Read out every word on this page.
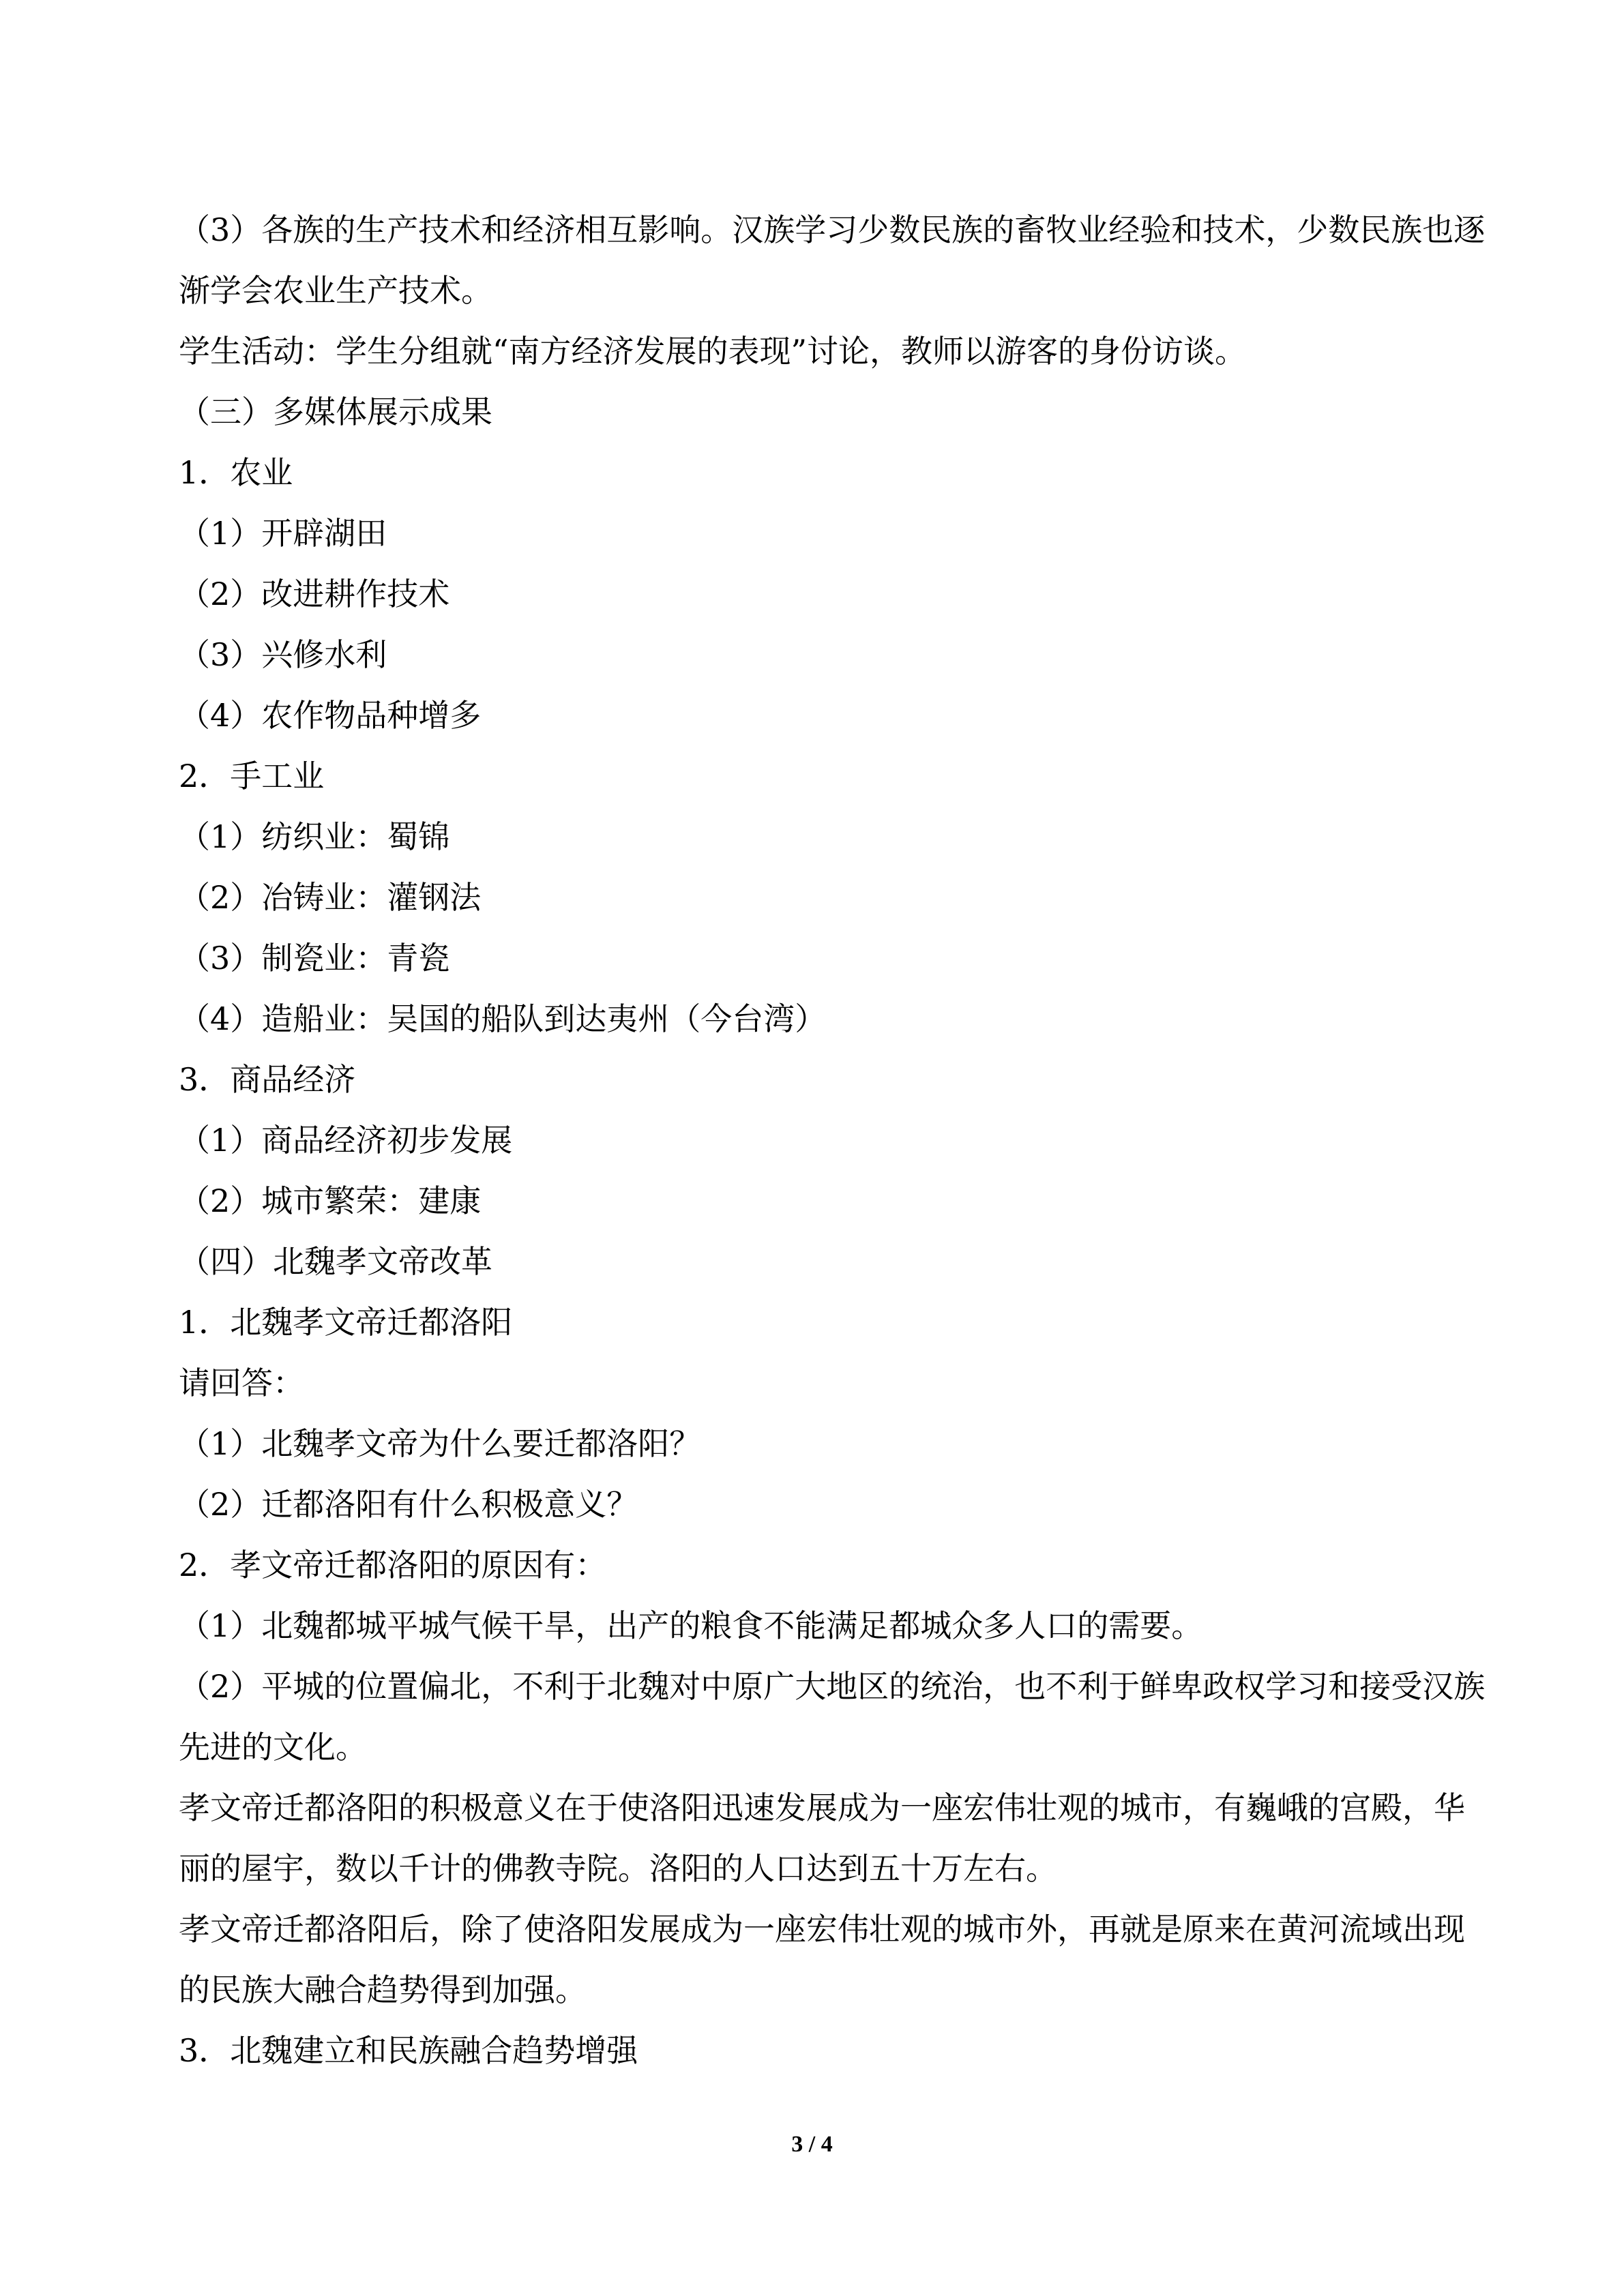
（3）各族的生产技术和经济相互影响。汉族学习少数民族的畜牧业经验和技术，少数民族也逐渐学会农业生产技术。

学生活动：学生分组就“南方经济发展的表现”讨论，教师以游客的身份访谈。

（三）多媒体展示成果

1．农业

（1）开辟湖田

（2）改进耕作技术

（3）兴修水利

（4）农作物品种增多

2．手工业

（1）纺织业：蜀锦

（2）冶铸业：灌钢法

（3）制瓷业：青瓷

（4）造船业：吴国的船队到达夷州（今台湾）

3．商品经济

（1）商品经济初步发展

（2）城市繁荣：建康

（四）北魏孝文帝改革

1．北魏孝文帝迁都洛阳

请回答：

（1）北魏孝文帝为什么要迁都洛阳？

（2）迁都洛阳有什么积极意义？

2．孝文帝迁都洛阳的原因有：

（1）北魏都城平城气候干旱，出产的粮食不能满足都城众多人口的需要。

（2）平城的位置偏北，不利于北魏对中原广大地区的统治，也不利于鲜卑政权学习和接受汉族先进的文化。

孝文帝迁都洛阳的积极意义在于使洛阳迅速发展成为一座宏伟壮观的城市，有巍峨的宫殿，华丽的屋宇，数以千计的佛教寺院。洛阳的人口达到五十万左右。

孝文帝迁都洛阳后，除了使洛阳发展成为一座宏伟壮观的城市外，再就是原来在黄河流域出现的民族大融合趋势得到加强。

3．北魏建立和民族融合趋势增强

3 / 4
